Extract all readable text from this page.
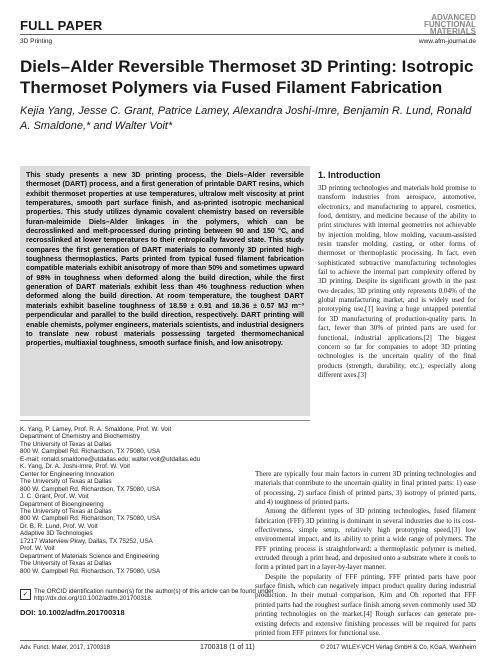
FULL PAPER
3D Printing
ADVANCED
FUNCTIONAL
MATERIALS
www.afm-journal.de
Diels–Alder Reversible Thermoset 3D Printing: Isotropic Thermoset Polymers via Fused Filament Fabrication
Kejia Yang, Jesse C. Grant, Patrice Lamey, Alexandra Joshi-Imre, Benjamin R. Lund, Ronald A. Smaldone,* and Walter Voit*
This study presents a new 3D printing process, the Diels–Alder reversible thermoset (DART) process, and a first generation of printable DART resins, which exhibit thermoset properties at use temperatures, ultralow melt viscosity at print temperatures, smooth part surface finish, and as-printed isotropic mechanical properties. This study utilizes dynamic covalent chemistry based on reversible furan-maleimide Diels–Alder linkages in the polymers, which can be decrosslinked and melt-processed during printing between 90 and 150 °C, and recrosslinked at lower temperatures to their entropically favored state. This study compares the first generation of DART materials to commonly 3D printed high-toughness thermoplastics. Parts printed from typical fused filament fabrication compatible materials exhibit anisotropy of more than 50% and sometimes upward of 98% in toughness when deformed along the build direction, while the first generation of DART materials exhibit less than 4% toughness reduction when deformed along the build direction. At room temperature, the toughest DART materials exhibit baseline toughness of 18.59 ± 0.91 and 18.36 ± 0.57 MJ m⁻³ perpendicular and parallel to the build direction, respectively. DART printing will enable chemists, polymer engineers, materials scientists, and industrial designers to translate new robust materials possessing targeted thermomechanical properties, multiaxial toughness, smooth surface finish, and low anisotropy.
K. Yang, P. Lamey, Prof. R. A. Smaldone, Prof. W. Voit
Department of Chemistry and Biochemistry
The University of Texas at Dallas
800 W. Campbell Rd. Richardson, TX 75080, USA
E-mail: ronald.smaldone@utdallas.edu; walter.voit@utdallas.edu
K. Yang, Dr. A. Joshi-Imre, Prof. W. Voit
Center for Engineering Innovation
The University of Texas at Dallas
800 W. Campbell Rd. Richardson, TX 75080, USA
J. C. Grant, Prof. W. Voit
Department of Bioengineering
The University of Texas at Dallas
800 W. Campbell Rd. Richardson, TX 75080, USA
Dr. B. R. Lund, Prof. W. Voit
Adaptive 3D Technologies
17217 Waterview Pkwy, Dallas, TX 75252, USA
Prof. W. Voit
Department of Materials Science and Engineering
The University of Texas at Dallas
800 W. Campbell Rd. Richardson, TX 75080, USA
✓ The ORCID identification number(s) for the author(s) of this article can be found under http://dx.doi.org/10.1002/adfm.201700318.
DOI: 10.1002/adfm.201700318
1. Introduction

3D printing technologies and materials hold promise to transform industries from aerospace, automotive, electronics, and manufacturing to apparel, cosmetics, food, dentistry, and medicine because of the ability to print structures with internal geometries not achievable by injection molding, blow molding, vacuum-assisted resin transfer molding, casting, or other forms of thermoset or thermoplastic processing. In fact, even sophisticated subtractive manufacturing technologies fail to achieve the internal part complexity offered by 3D printing. Despite its significant growth in the past two decades, 3D printing only represents 0.04% of the global manufacturing market, and is widely used for prototyping use,[1] leaving a huge untapped potential for 3D manufacturing of production-quality parts. In fact, fewer than 30% of printed parts are used for functional, industrial applications.[2] The biggest concern so far for companies to adopt 3D printing technologies is the uncertain quality of the final products (strength, durability, etc.), especially along different axes.[3]

There are typically four main factors in current 3D printing technologies and materials that contribute to the uncertain quality in final printed parts: 1) ease of processing, 2) surface finish of printed parts, 3) isotropy of printed parts, and 4) toughness of printed parts.

Among the different types of 3D printing technologies, fused filament fabrication (FFF) 3D printing is dominant in several industries due to its cost-effectiveness, simple setup, relatively high prototyping speed,[3] low environmental impact, and its ability to print a wide range of polymers. The FFF printing process is straightforward: a thermoplastic polymer is melted, extruded through a print head, and deposited onto a substrate where it cools to form a printed part in a layer-by-layer manner.

Despite the popularity of FFF printing, FFF printed parts have poor surface finish, which can negatively impact product quality during industrial production. In their mutual comparison, Kim and Oh reported that FFF printed parts had the roughest surface finish among seven commonly used 3D printing technologies on the market.[4] Rough surfaces can generate pre-existing defects and extensive finishing processes will be required for parts printed from FFF printers for functional use.

Adv. Funct. Mater. 2017, 1700318	1700318 (1 of 11)	© 2017 WILEY-VCH Verlag GmbH & Co. KGaA, Weinheim
